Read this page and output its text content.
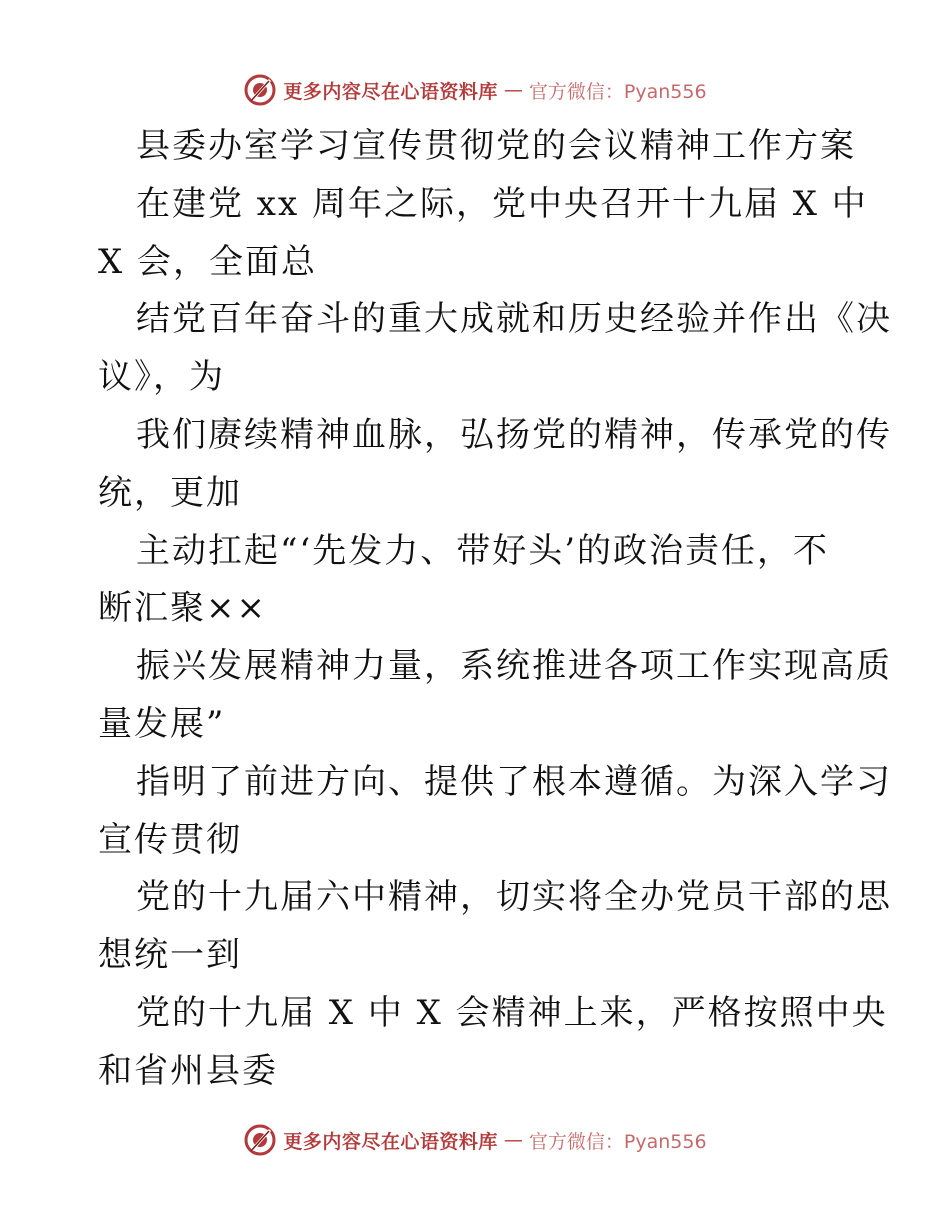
更多内容尽在心语资料库 — 官方微信：Pyan556
县委办室学习宣传贯彻党的会议精神工作方案
在建党 xx 周年之际，党中央召开十九届 X 中
X 会，全面总
结党百年奋斗的重大成就和历史经验并作出《决
议》，为
我们赓续精神血脉，弘扬党的精神，传承党的传
统，更加
主动扛起“‘先发力、带好头’的政治责任，不
断汇聚××
振兴发展精神力量，系统推进各项工作实现高质
量发展”
指明了前进方向、提供了根本遵循。为深入学习
宣传贯彻
党的十九届六中精神，切实将全办党员干部的思
想统一到
党的十九届 X 中 X 会精神上来，严格按照中央
和省州县委
更多内容尽在心语资料库 — 官方微信：Pyan556
